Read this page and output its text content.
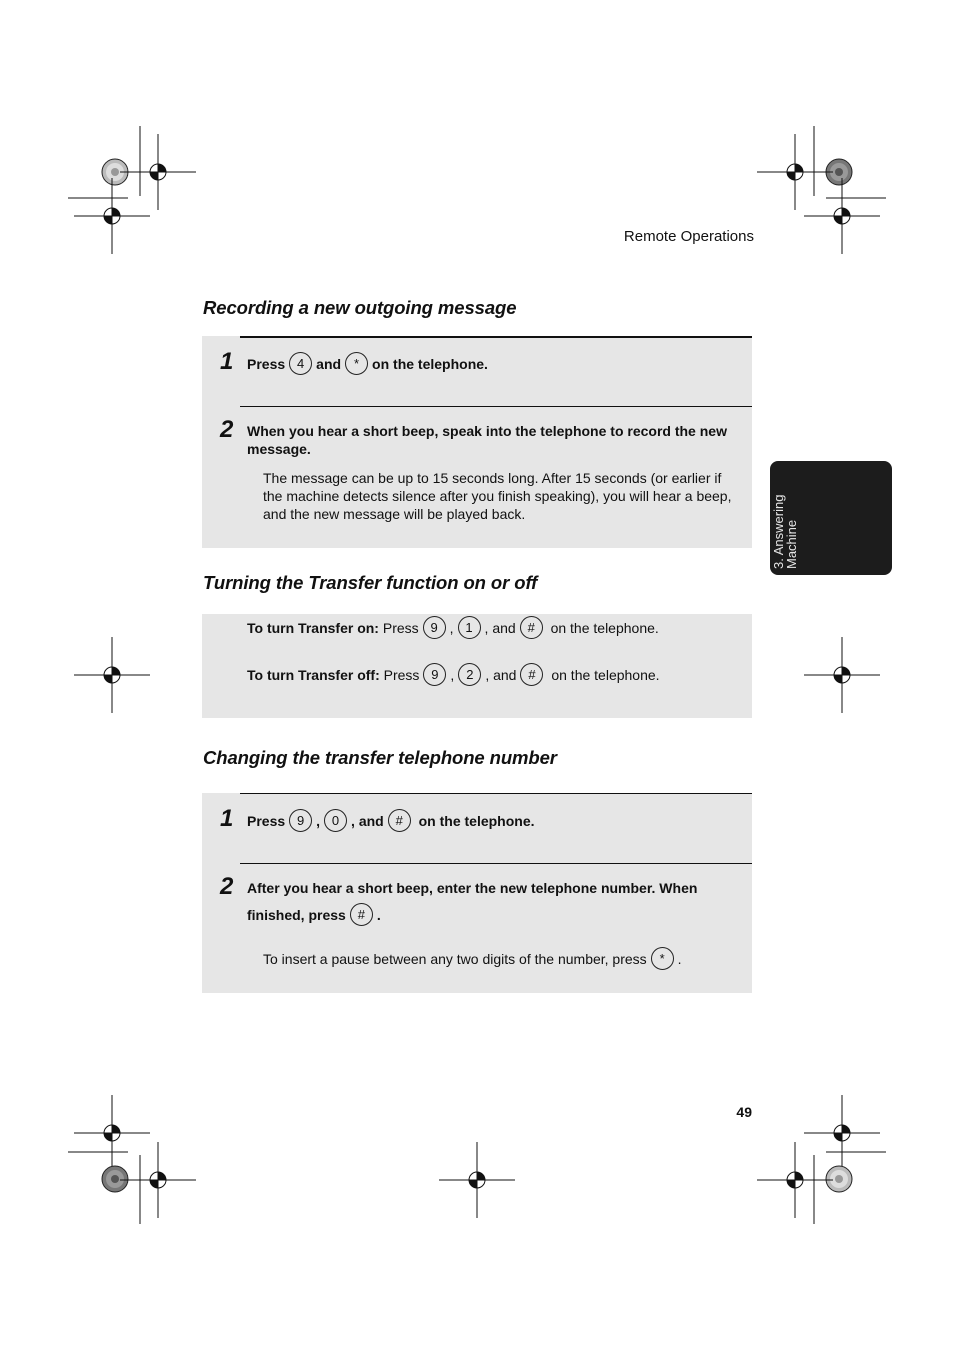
Remote Operations
3. Answering
Machine
Recording a new outgoing message
1 Press 4 and * on the telephone.
2 When you hear a short beep, speak into the telephone to record the new message.
The message can be up to 15 seconds long. After 15 seconds (or earlier if the machine detects silence after you finish speaking), you will hear a beep, and the new message will be played back.
Turning the Transfer function on or off
To turn Transfer on: Press 9 , 1 , and # on the telephone.
To turn Transfer off: Press 9 , 2 , and # on the telephone.
Changing the transfer telephone number
1 Press 9 , 0 , and # on the telephone.
2 After you hear a short beep, enter the new telephone number. When
finished, press # .
To insert a pause between any two digits of the number, press * .
49
